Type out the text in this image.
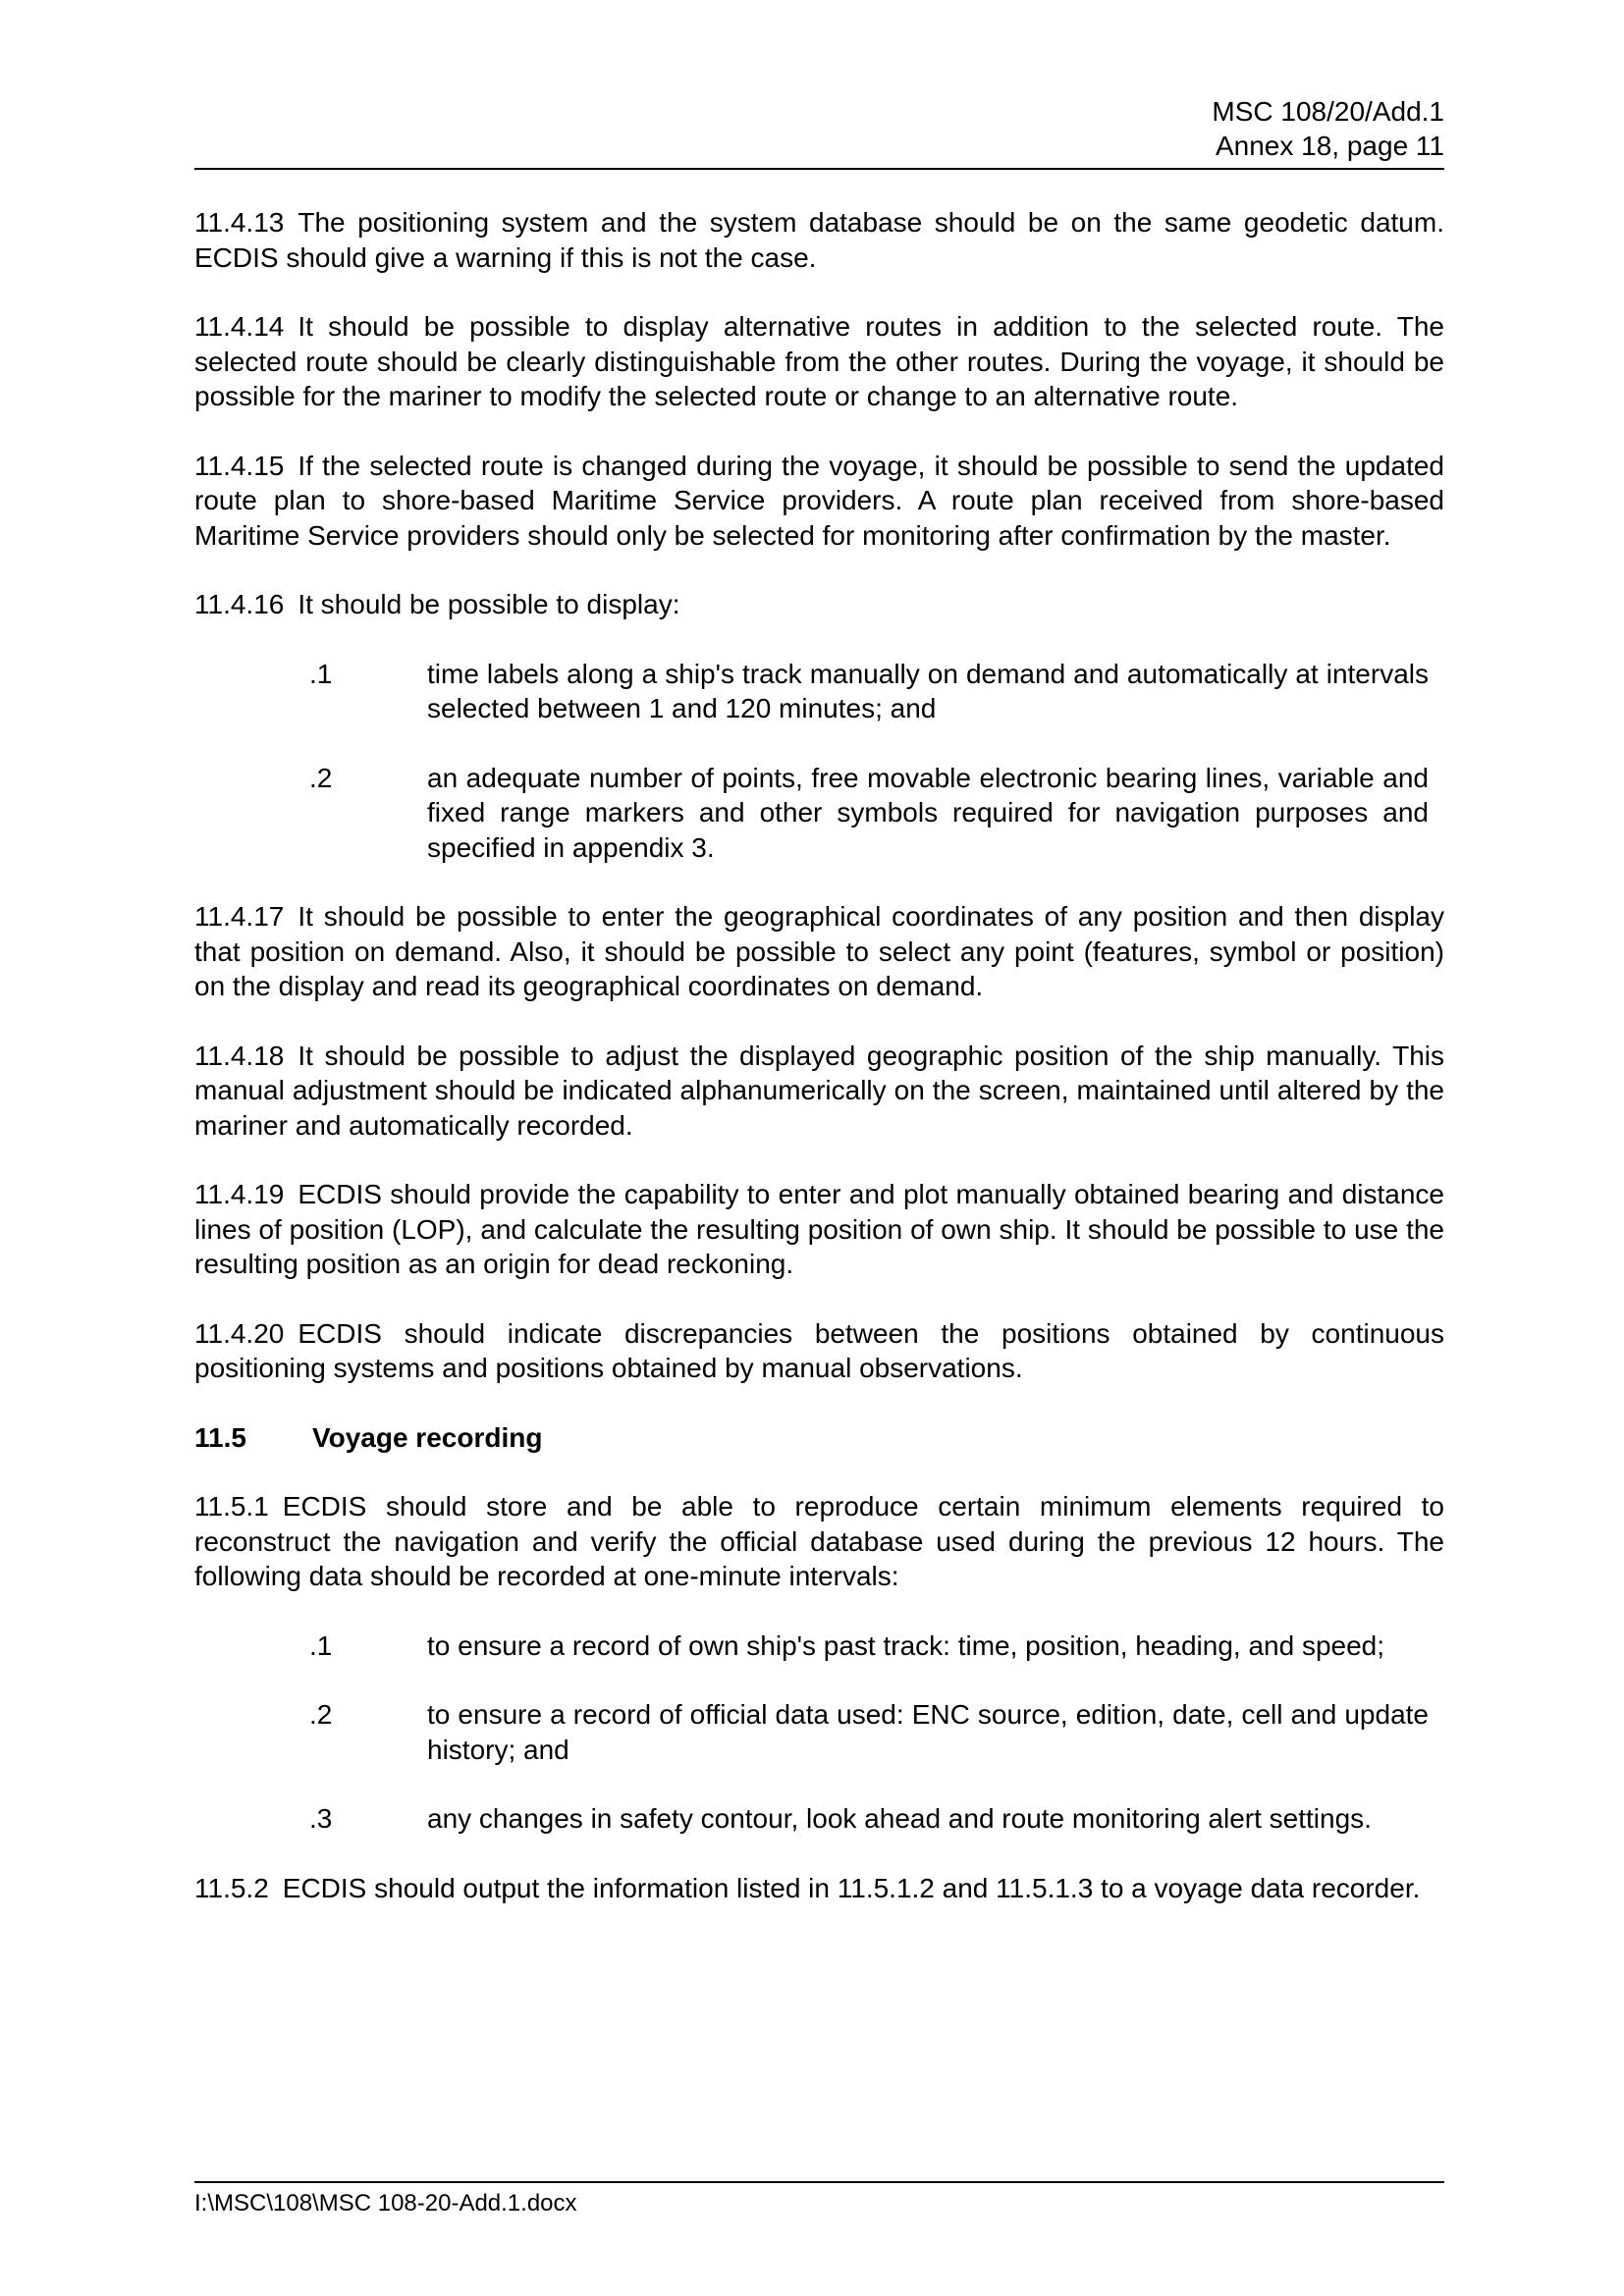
MSC 108/20/Add.1
Annex 18, page 11

11.4.13 The positioning system and the system database should be on the same geodetic datum. ECDIS should give a warning if this is not the case.

11.4.14 It should be possible to display alternative routes in addition to the selected route. The selected route should be clearly distinguishable from the other routes. During the voyage, it should be possible for the mariner to modify the selected route or change to an alternative route.

11.4.15 If the selected route is changed during the voyage, it should be possible to send the updated route plan to shore-based Maritime Service providers. A route plan received from shore-based Maritime Service providers should only be selected for monitoring after confirmation by the master.

11.4.16 It should be possible to display:

.1	time labels along a ship's track manually on demand and automatically at intervals selected between 1 and 120 minutes; and
.2	an adequate number of points, free movable electronic bearing lines, variable and fixed range markers and other symbols required for navigation purposes and specified in appendix 3.

11.4.17 It should be possible to enter the geographical coordinates of any position and then display that position on demand. Also, it should be possible to select any point (features, symbol or position) on the display and read its geographical coordinates on demand.

11.4.18 It should be possible to adjust the displayed geographic position of the ship manually. This manual adjustment should be indicated alphanumerically on the screen, maintained until altered by the mariner and automatically recorded.

11.4.19 ECDIS should provide the capability to enter and plot manually obtained bearing and distance lines of position (LOP), and calculate the resulting position of own ship. It should be possible to use the resulting position as an origin for dead reckoning.

11.4.20 ECDIS should indicate discrepancies between the positions obtained by continuous positioning systems and positions obtained by manual observations.

11.5 Voyage recording

11.5.1 ECDIS should store and be able to reproduce certain minimum elements required to reconstruct the navigation and verify the official database used during the previous 12 hours. The following data should be recorded at one-minute intervals:

.1	to ensure a record of own ship's past track: time, position, heading, and speed;
.2	to ensure a record of official data used: ENC source, edition, date, cell and update history; and
.3	any changes in safety contour, look ahead and route monitoring alert settings.

11.5.2 ECDIS should output the information listed in 11.5.1.2 and 11.5.1.3 to a voyage data recorder.

I:\MSC\108\MSC 108-20-Add.1.docx
